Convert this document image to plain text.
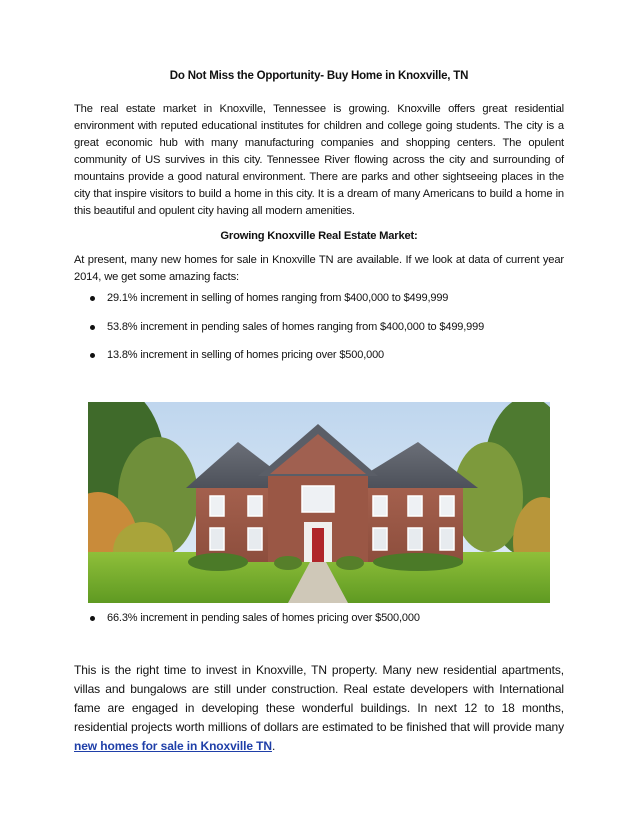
Do Not Miss the Opportunity- Buy Home in Knoxville, TN
The real estate market in Knoxville, Tennessee is growing. Knoxville offers great residential environment with reputed educational institutes for children and college going students. The city is a great economic hub with many manufacturing companies and shopping centers. The opulent community of US survives in this city. Tennessee River flowing across the city and surrounding of mountains provide a good natural environment. There are parks and other sightseeing places in the city that inspire visitors to build a home in this city. It is a dream of many Americans to build a home in this beautiful and opulent city having all modern amenities.
Growing Knoxville Real Estate Market:
At present, many new homes for sale in Knoxville TN are available. If we look at data of current year 2014, we get some amazing facts:
29.1% increment in selling of homes ranging from $400,000 to $499,999
53.8% increment in pending sales of homes ranging from $400,000 to $499,999
13.8% increment in selling of homes pricing over $500,000
66.3% increment in pending sales of homes pricing over $500,000
This is the right time to invest in Knoxville, TN property. Many new residential apartments, villas and bungalows are still under construction. Real estate developers with International fame are engaged in developing these wonderful buildings. In next 12 to 18 months, residential projects worth millions of dollars are estimated to be finished that will provide many new homes for sale in Knoxville TN.
